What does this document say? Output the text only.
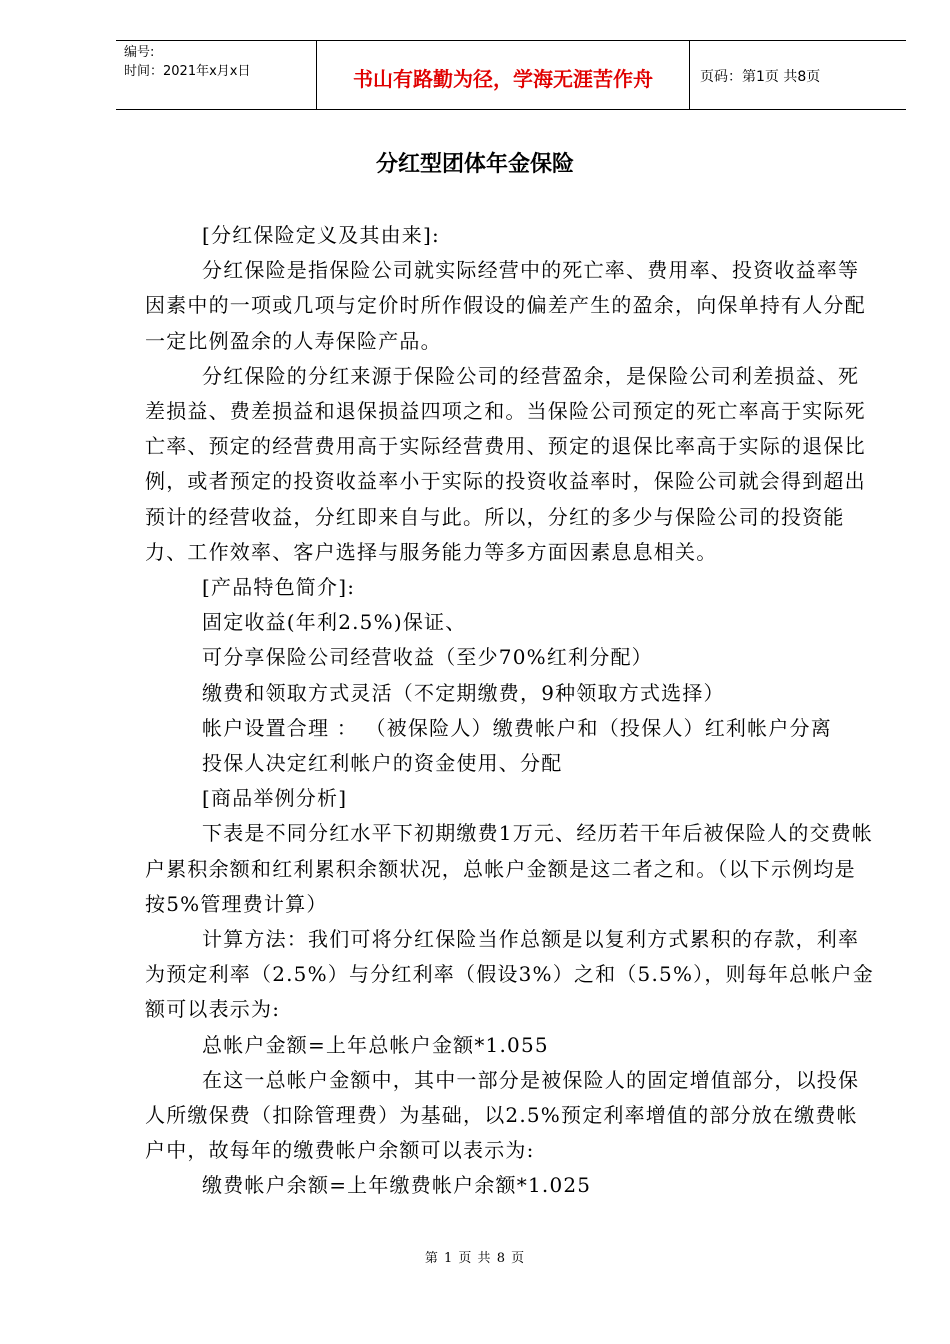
编号:
时间：2021年x月x日	书山有路勤为径，学海无涯苦作舟	页码：第1页 共8页
分红型团体年金保险

[分红保险定义及其由来]:

分红保险是指保险公司就实际经营中的死亡率、费用率、投资收益率等因素中的一项或几项与定价时所作假设的偏差产生的盈余，向保单持有人分配一定比例盈余的人寿保险产品。

分红保险的分红来源于保险公司的经营盈余，是保险公司利差损益、死差损益、费差损益和退保损益四项之和。当保险公司预定的死亡率高于实际死亡率、预定的经营费用高于实际经营费用、预定的退保比率高于实际的退保比例，或者预定的投资收益率小于实际的投资收益率时，保险公司就会得到超出预计的经营收益，分红即来自与此。所以，分红的多少与保险公司的投资能力、工作效率、客户选择与服务能力等多方面因素息息相关。

[产品特色简介]:

固定收益(年利2.5%)保证、

可分享保险公司经营收益（至少70%红利分配）

缴费和领取方式灵活（不定期缴费，9种领取方式选择）

帐户设置合理 ： （被保险人）缴费帐户和（投保人）红利帐户分离

投保人决定红利帐户的资金使用、分配

[商品举例分析]

下表是不同分红水平下初期缴费1万元、经历若干年后被保险人的交费帐户累积余额和红利累积余额状况，总帐户金额是这二者之和。（以下示例均是按5%管理费计算）

计算方法：我们可将分红保险当作总额是以复利方式累积的存款，利率为预定利率（2.5%）与分红利率（假设3%）之和（5.5%），则每年总帐户金额可以表示为:

总帐户金额=上年总帐户金额*1.055

在这一总帐户金额中，其中一部分是被保险人的固定增值部分，以投保人所缴保费（扣除管理费）为基础，以2.5%预定利率增值的部分放在缴费帐户中，故每年的缴费帐户余额可以表示为:

缴费帐户余额=上年缴费帐户余额*1.025

第 1 页 共 8 页
